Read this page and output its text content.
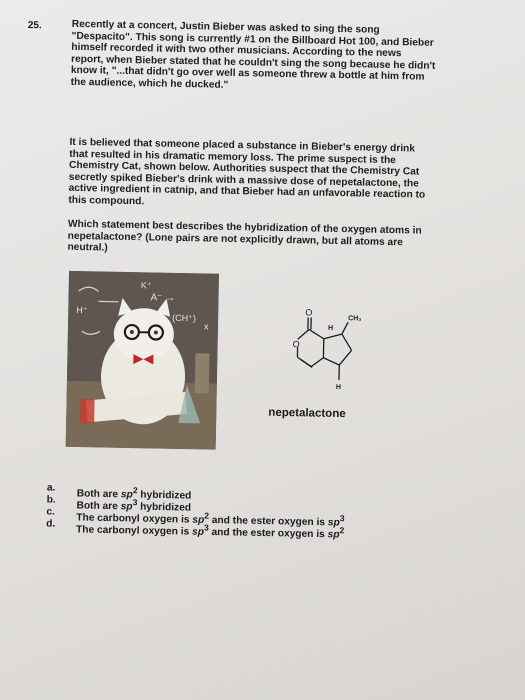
25.	Recently at a concert, Justin Bieber was asked to sing the song "Despacito". This song is currently #1 on the Billboard Hot 100, and Bieber himself recorded it with two other musicians. According to the news report, when Bieber stated that he couldn't sing the song because he didn't know it, "...that didn't go over well as someone threw a bottle at him from the audience, which he ducked."
It is believed that someone placed a substance in Bieber's energy drink that resulted in his dramatic memory loss. The prime suspect is the Chemistry Cat, shown below. Authorities suspect that the Chemistry Cat secretly spiked Bieber's drink with a massive dose of nepetalactone, the active ingredient in catnip, and that Bieber had an unfavorable reaction to this compound.
Which statement best describes the hybridization of the oxygen atoms in nepetalactone? (Lone pairs are not explicitly drawn, but all atoms are neutral.)
K⁺
A⁻ →
(CH⁺)
H⁺
x
O
O
H
CH₃
H
nepetalactone
a.
Both are $sp^2$ hybridized
b.
Both are $sp^3$ hybridized
c.
The carbonyl oxygen is $sp^2$ and the ester oxygen is $sp^3$
d.
The carbonyl oxygen is $sp^3$ and the ester oxygen is $sp^2$
